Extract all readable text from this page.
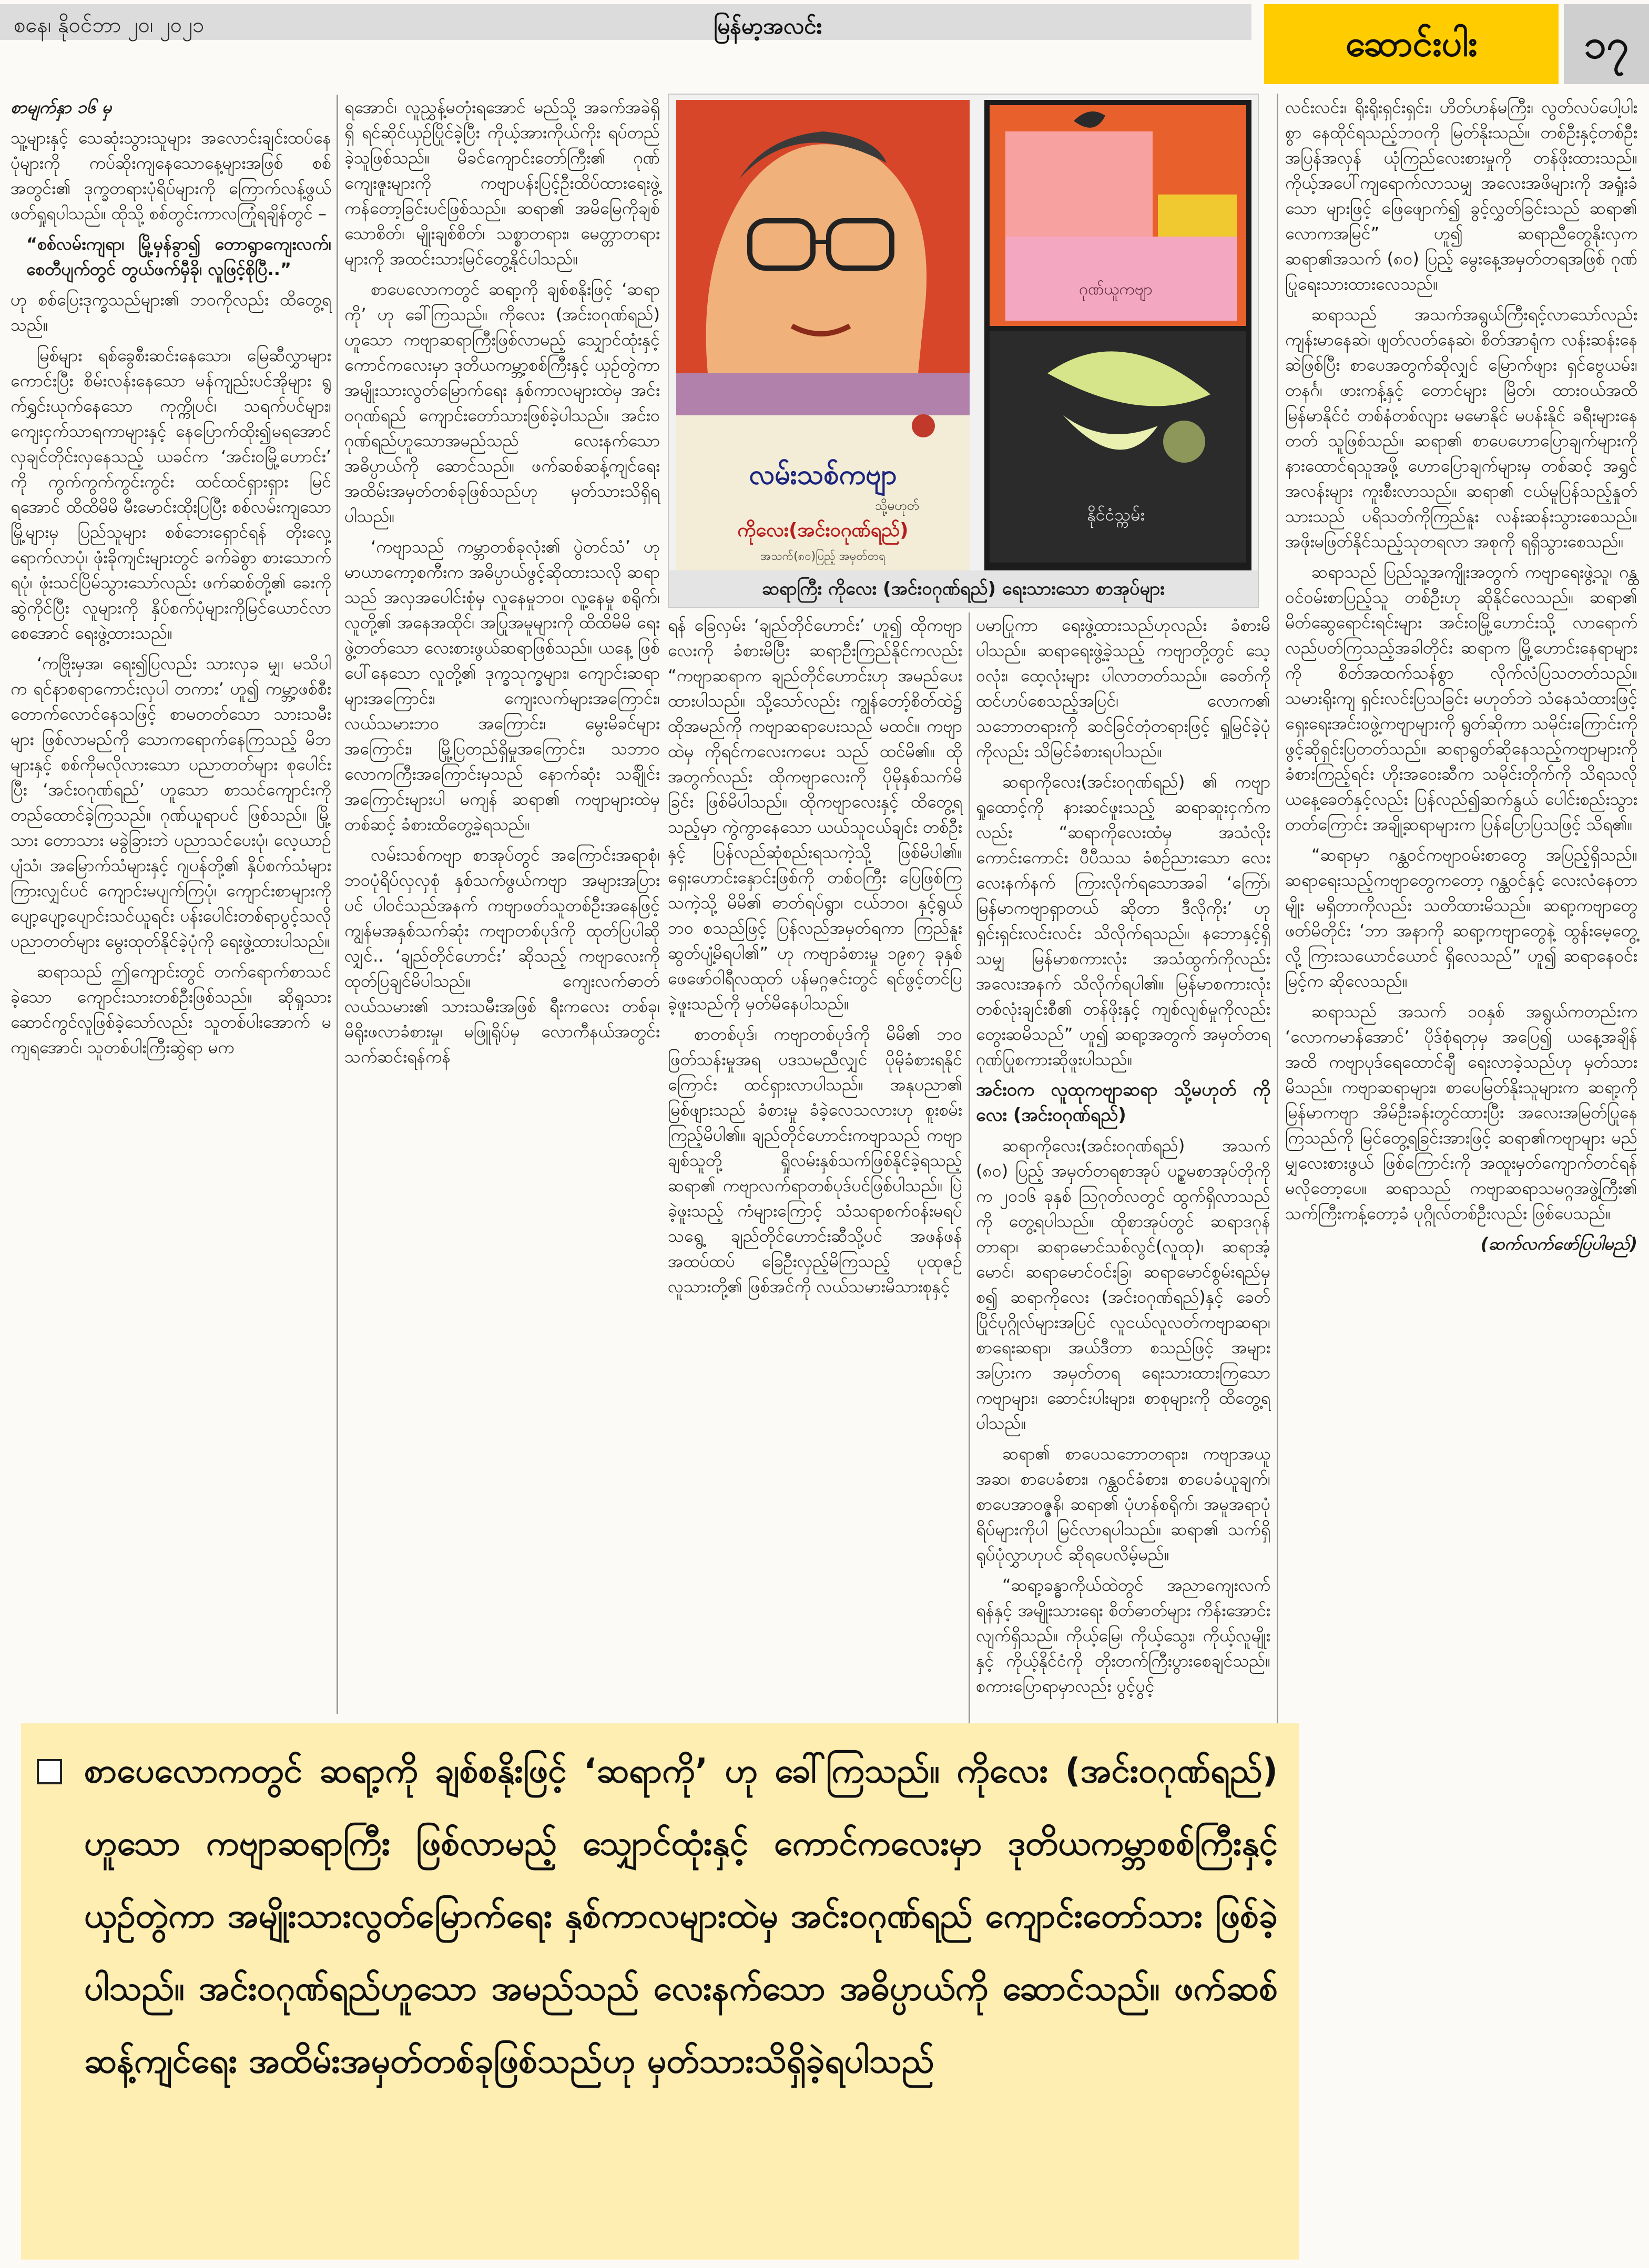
စနေ၊ နိုဝင်ဘာ ၂၀၊ ၂၀၂၁	မြန်မာ့အလင်း	ဆောင်းပါး	၁၇

စာမျက်နှာ ၁၆ မှ

သူ့များနှင့် သေဆုံးသွားသူများ အလောင်းချင်းထပ်နေပုံများကို ကပ်ဆိုးကျနေသောနေ့များအဖြစ် စစ်အတွင်း၏ ဒုက္ခတရားပုံရိပ်များကို ကြောက်လန့်ဖွယ်ဖတ်ရှုရပါသည်။ ထိုသို့ စစ်တွင်းကာလကြုံရချိန်တွင် –

“စစ်လမ်းကျရာ၊ မြို့မှန်ခွာ၍ တောရွာကျေးလက်၊ စေတီပျက်တွင် တွယ်ဖက်မှီခို၊ လူဖြင့်စိုပြီ..”

ဟု စစ်ပြေးဒုက္ခသည်များ၏ ဘဝကိုလည်း ထိတွေ့ရသည်။

မြစ်များ ရစ်ခွေစီးဆင်းနေသော၊ မြေဆီလွှာများကောင်းပြီး စိမ်းလန်းနေသော မန်ကျည်းပင်အိုများ ရွက်ရွှင်းယုက်နေသော ကုက္ကိုပင်၊ သရက်ပင်များ၊ ကျေးငှက်သာရကာများနှင့် နေပြောက်ထိုး၍မရအောင် လှချင်တိုင်းလှနေသည့် ယခင်က ‘အင်းဝမြို့ဟောင်း’ ကို ကွက်ကွက်ကွင်းကွင်း ထင်ထင်ရှားရှား မြင်ရအောင် ထိထိမိမိ မီးမောင်းထိုးပြပြီး စစ်လမ်းကျသောမြို့များမှ ပြည်သူများ စစ်ဘေးရှောင်ရန် တိုးလှေ့ရောက်လာပုံ၊ ဖုံးခိုကျင်းများတွင် ခက်ခဲစွာ စားသောက်ရပုံ၊ ဖုံးသင်ပြိမ်သွားသော်လည်း ဖက်ဆစ်တို့၏ ခေးကိုဆွဲကိုင်ပြီး လူများကို နှိပ်စက်ပုံများကိုမြင်ယောင်လာစေအောင် ရေးဖွဲ့ထားသည်။

‘ကဗြိုးမှအ၊ ရေး၍ပြလည်း သားလှခ မျှ၊ မသိပါက ရင်နာစရာကောင်းလှပါ တကား’ ဟူ၍ ကမ္ဘာ့ဖစ်စီးတောက်လောင်နေသဖြင့် စာမတတ်သော သားသမီးများ ဖြစ်လာမည်ကို သောကရောက်နေကြသည့် မိဘများနှင့် စစ်ကိုမလိုလားသော ပညာတတ်များ စုပေါင်းပြီး ‘အင်းဝဂုဏ်ရည်’ ဟူသော စာသင်ကျောင်းကို တည်ထောင်ခဲ့ကြသည်။ ဂုဏ်ယူရာပင် ဖြစ်သည်။ မြို့သား တောသား မခွဲခြားဘဲ ပညာသင်ပေးပုံ၊ လေ့ယာဉ်ပျံသံ၊ အမြောက်သံများနှင့် ဂျပန်တို့၏ နှိပ်စက်သံများကြားလျှင်ပင် ကျောင်းမပျက်ကြပုံ၊ ကျောင်းစာများကို ပျော့ပျော့ပျောင်းသင်ယူရင်း ပန်းပေါင်းတစ်ရာပွင့်သလို ပညာတတ်များ မွေးထုတ်နိုင်ခဲ့ပုံကို ရေးဖွဲ့ထားပါသည်။

ဆရာသည် ဤကျောင်းတွင် တက်ရောက်စာသင်ခဲ့သော ကျောင်းသားတစ်ဦးဖြစ်သည်။ ဆိုရှုသားဆောင်ကွင်လူဖြစ်ခဲ့သော်လည်း သူတစ်ပါးအောက် မကျရအောင်၊ သူတစ်ပါးကြီးဆွဲရာ မက

ရအောင်၊ လူညွှန့်မတုံးရအောင် မည်သို့ အခက်အခဲရှိရှိ ရင်ဆိုင်ယှဉ်ပြိုင်ခဲ့ပြီး ကိုယ့်အားကိုယ်ကိုး ရပ်တည်ခဲ့သူဖြစ်သည်။ မိခင်ကျောင်းတော်ကြီး၏ ဂုဏ်ကျေးဇူးများကို ကဗျာပန်းပြင့်ဦးထိပ်ထားရေးဖွဲ့ ကန်တော့ခြင်းပင်ဖြစ်သည်။ ဆရာ၏ အမိမြေကိုချစ်သောစိတ်၊ မျိုးချစ်စိတ်၊ သစ္စာတရား၊ မေတ္တာတရားများကို အထင်းသားမြင်တွေ့နိုင်ပါသည်။

စာပေလောကတွင် ဆရာ့ကို ချစ်စနိုးဖြင့် ‘ဆရာကို’ ဟု ခေါ်ကြသည်။ ကိုလေး (အင်းဝဂုဏ်ရည်) ဟူသော ကဗျာဆရာကြီးဖြစ်လာမည့် သျှောင်ထုံးနှင့် ကောင်ကလေးမှာ ဒုတိယကမ္ဘာ့စစ်ကြီးနှင့် ယှဉ်တွဲကာ အမျိုးသားလွတ်မြောက်ရေး နှစ်ကာလများထဲမှ အင်းဝဂုဏ်ရည် ကျောင်းတော်သားဖြစ်ခဲ့ပါသည်။ အင်းဝဂုဏ်ရည်ဟူသောအမည်သည် လေးနက်သော အဓိပ္ပာယ်ကို ဆောင်သည်။ ဖက်ဆစ်ဆန့်ကျင်ရေး အထိမ်းအမှတ်တစ်ခုဖြစ်သည်ဟု မှတ်သားသိရှိရပါသည်။

‘ကဗျာသည် ကမ္ဘာတစ်ခုလုံး၏ ပွဲတင်သံ’ ဟု မာယာကော့စကီးက အဓိပ္ပာယ်ဖွင့်ဆိုထားသလို ဆရာသည် အလှအပေါင်းစုံမှ လူနေမှုဘဝ၊ လူ့နေမှု စရိုက်၊ လူတို့၏ အနေအထိုင်၊ အပြုအမူများကို ထိထိမိမိ ရေးဖွဲ့တတ်သော လေးစားဖွယ်ဆရာဖြစ်သည်။ ယနေ့ ဖြစ်ပေါ်နေသော လူတို့၏ ဒုက္ခသုက္ခများ၊ ကျောင်းဆရာများအကြောင်း၊ ကျေးလက်များအကြောင်း၊ လယ်သမားဘဝ အကြောင်း၊ မွေးမိခင်များ အကြောင်း၊ မြို့ပြတည်ရှိမှုအကြောင်း၊ သဘာဝ လောကကြီးအကြောင်းမှသည် နောက်ဆုံး သခ်ျိုင်းအကြောင်းများပါ မကျန် ဆရာ၏ ကဗျာများထဲမှတစ်ဆင့် ခံစားထိတွေ့ခဲ့ရသည်။

လမ်းသစ်ကဗျာ စာအုပ်တွင် အကြောင်းအရာစုံ၊ ဘဝပုံရိပ်လှလှစုံ နှစ်သက်ဖွယ်ကဗျာ အများအပြားပင် ပါဝင်သည်အနက် ကဗျာဖတ်သူတစ်ဦးအနေဖြင့် ကျွန်မအနှစ်သက်ဆုံး ကဗျာတစ်ပုဒ်ကို ထုတ်ပြပါဆိုလျှင်.. ‘ချည်တိုင်ဟောင်း’ ဆိုသည့် ကဗျာလေးကို ထုတ်ပြချင်မိပါသည်။ ကျေးလက်ဓာတ် လယ်သမား၏ သားသမီးအဖြစ် ရီးကလေး တစ်ခု၊ မိရိုးဖလာခံစားမှု၊ မဖြူရိုပ်မှ လောကီနယ်အတွင်း သက်ဆင်းရန်ကန်

လမ်းသစ်ကဗျာ
သို့မဟုတ်
ကိုလေး(အင်းဝဂုဏ်ရည်)
အသက်(၈၀)ပြည့် အမှတ်တရ
ဂုဏ်ယူကဗျာ
နိုင်ငံသ္ကမ်း
ဆရာကြီး ကိုလေး (အင်းဝဂုဏ်ရည်) ရေးသားသော စာအုပ်များ

ရန် ခြေလှမ်း ‘ချည်တိုင်ဟောင်း’ ဟူ၍ ထိုကဗျာလေးကို ခံစားမိပြီး ဆရာဦးကြည်နိုင်ကလည်း “ကဗျာဆရာက ချည်တိုင်ဟောင်းဟု အမည်ပေးထားပါသည်။ သို့သော်လည်း ကျွန်တော့်စိတ်ထဲ၌ ထိုအမည်ကို ကဗျာဆရာပေးသည် မထင်။ ကဗျာထဲမှ ကိုရင်ကလေးကပေး သည် ထင်မိ၏။ ထိုအတွက်လည်း ထိုကဗျာလေးကို ပိုမိုနှစ်သက်မိခြင်း ဖြစ်မိပါသည်။ ထိုကဗျာလေးနှင့် ထိတွေ့ရ သည့်မှာ ကွဲကွာနေသော ယယ်သူငယ်ချင်း တစ်ဦးနှင့် ပြန်လည်ဆုံစည်းရသကဲ့သို့ ဖြစ်မိပါ၏။ ရှေးဟောင်းနှောင်းဖြစ်ကို တစ်ဝကြီး ပြေဖြစ်ကြသကဲ့သို့ မိမိ၏ ဓာတ်ရပ်ရွာ၊ ငယ်ဘဝ၊ နှင့်ရွယ်ဘဝ စသည်ဖြင့် ပြန်လည်အမှတ်ရကာ ကြည်နူးဆွတ်ပျံ့မိရပါ၏” ဟု ကဗျာခံစားမှု ၁၉၈၇ ခုနှစ် ဖေဖော်ဝါရီလထုတ် ပန်မဂ္ဂဇင်းတွင် ရင်ဖွင့်တင်ပြခဲ့ဖူးသည်ကို မှတ်မိနေပါသည်။

စာတစ်ပုဒ်၊ ကဗျာတစ်ပုဒ်ကို မိမိ၏ ဘဝဖြတ်သန်းမှုအရ ပဒသမညီလျှင် ပိုမိုခံစားရနိုင်ကြောင်း ထင်ရှားလာပါသည်။ အနုပညာ၏ မြစ်ဖျားသည် ခံစားမှု ခံခဲ့လေသလားဟု စူးစမ်းကြည့်မိပါ၏။ ချည်တိုင်ဟောင်းကဗျာသည် ကဗျာချစ်သူတို့ ရှိုလမ်းနှစ်သက်ဖြစ်နိုင်ခဲ့ရသည့် ဆရာ၏ ကဗျာလက်ရာတစ်ပုဒ်ပင်ဖြစ်ပါသည်။ ပြဲခဲ့ဖူးသည့် ကံများကြောင့် သံသရာစက်ဝန်းမရပ်သရွေ့ ချည်တိုင်ဟောင်းဆီသို့ပင် အဖန်ဖန် အထပ်ထပ် ခြေဦးလှည့်မိကြသည့် ပုထုဇဉ်လူသားတို့၏ ဖြစ်အင်ကို လယ်သမားမိသားစုနှင့်

ပမာပြုကာ ရေးဖွဲ့ထားသည်ဟုလည်း ခံစားမိပါသည်။ ဆရာရေးဖွဲ့ခဲ့သည့် ကဗျာတို့တွင် သေ့ဝလုံး၊ ထေ့လုံးများ ပါလာတတ်သည်။ ခေတ်ကို ထင်ဟပ်စေသည့်အပြင်၊ လောက၏ သဘောတရားကို ဆင်ခြင်တုံတရားဖြင့် ရှုမြင်ခဲ့ပုံကိုလည်း သိမြင်ခံစားရပါသည်။

ဆရာကိုလေး(အင်းဝဂုဏ်ရည်) ၏ ကဗျာရှုထောင့်ကို နားဆင်ဖူးသည့် ဆရာဆူးငှက်ကလည်း “ဆရာကိုလေးထံမှ အသံလိုးကောင်းကောင်း ပီပီသသ ခံစဉ်ညားသော လေးလေးနက်နက် ကြားလိုက်ရသောအခါ ‘ကြော်၊ မြန်မာကဗျာရှာတယ် ဆိုတာ ဒီလိုကိုး’ ဟု ရှင်းရှင်းလင်းလင်း သိလိုက်ရသည်။ နဘောနှင့်ရှိသမျှ မြန်မာစကားလုံး အသံထွက်ကိုလည်း အလေးအနက် သိလိုက်ရပါ၏။ မြန်မာစကားလုံး တစ်လုံးချင်းစီ၏ တန်ဖိုးနှင့် ကျစ်လျစ်မှုကိုလည်း တွေးဆမိသည်” ဟူ၍ ဆရာ့အတွက် အမှတ်တရ ဂုဏ်ပြုစကားဆိုဖူးပါသည်။

အင်းဝက လူထုကဗျာဆရာ သို့မဟုတ် ကိုလေး (အင်းဝဂုဏ်ရည်)

ဆရာကိုလေး(အင်းဝဂုဏ်ရည်) အသက် (၈၀) ပြည့် အမှတ်တရစာအုပ် ပဥ္စမစာအုပ်တိုကိုက ၂၀၁၆ ခုနှစ် ဩဂုတ်လတွင် ထွက်ရှိလာသည်ကို တွေ့ရပါသည်။ ထိုစာအုပ်တွင် ဆရာဒဂုန်တာရာ၊ ဆရာမောင်သစ်လွင်(လူထု)၊ ဆရာအံ့မောင်၊ ဆရာမောင်ဝင်းခြ၊ ဆရာမောင်စွမ်းရည်မှ စ၍ ဆရာကိုလေး (အင်းဝဂုဏ်ရည်)နှင့် ခေတ်ပြိုင်ပုဂ္ဂိုလ်များအပြင် လူငယ်လူလတ်ကဗျာဆရာ၊ စာရေးဆရာ၊ အယ်ဒီတာ စသည်ဖြင့် အများအပြားက အမှတ်တရ ရေးသားထားကြသော ကဗျာများ၊ ဆောင်းပါးများ၊ စာစုများကို ထိတွေ့ရပါသည်။

ဆရာ၏ စာပေသဘောတရား၊ ကဗျာအယူအဆ၊ စာပေခံစား၊ ဂန္ထဝင်ခံစား၊ စာပေခံယူချက်၊ စာပေအာဝဇ္ဇနိ၊ ဆရာ၏ ပုံဟန်စရိုက်၊ အမူအရာပုံရိပ်များကိုပါ မြင်လာရပါသည်။ ဆရာ၏ သက်ရှိရုပ်ပုံလွှာဟုပင် ဆိုရပေလိမ့်မည်။

“ဆရာ့ခန္ဓာကိုယ်ထဲတွင် အညာကျေးလက်ရန်နှင့် အမျိုးသားရေး စိတ်ဓာတ်များ ကိန်းအောင်းလျက်ရှိသည်။ ကိုယ့်မြေ၊ ကိုယ့်သွေး၊ ကိုယ့်လူမျိုးနှင့် ကိုယ့်နိုင်ငံကို တိုးတက်ကြီးပွားစေချင်သည်။ စကားပြောရာမှာလည်း ပွင့်ပွင့်

လင်းလင်း၊ ရိုးရိုးရှင်းရှင်း၊ ဟိတ်ဟန်မကြီး၊ လွတ်လပ်ပေါ့ပါးစွာ နေထိုင်ရသည့်ဘဝကို မြတ်နိုးသည်။ တစ်ဦးနှင့်တစ်ဦး အပြန်အလှန် ယုံကြည်လေးစားမှုကို တန်ဖိုးထားသည်။ ကိုယ့်အပေါ်ကျရောက်လာသမျှ အလေးအဖိများကို အရှုံးခံသော များဖြင့် ဖြေဖျောက်၍ ခွင့်လွှတ်ခြင်းသည် ဆရာ၏ လောကအမြင်” ဟူ၍ ဆရာညီတွေနိုးလှက ဆရာ၏အသက် (၈၀) ပြည့် မွေးနေ့အမှတ်တရအဖြစ် ဂုဏ်ပြုရေးသားထားလေသည်။

ဆရာသည် အသက်အရွယ်ကြီးရင့်လာသော်လည်း ကျန်းမာနေဆဲ၊ ဖျတ်လတ်နေဆဲ၊ စိတ်အာရုံက လန်းဆန်းနေဆဲဖြစ်ပြီး စာပေအတွက်ဆိုလျှင် မြောက်ဖျား ရှင်ဗွေယမ်း၊ တနင်္ဂ၊ ဖားကန့်နှင့် တောင်များ မြိတ်၊ ထားဝယ်အထိ မြန်မာနိုင်ငံ တစ်နံတစ်လျား မမောနိုင် မပန်းနိုင် ခရီးများနေတတ် သူဖြစ်သည်။ ဆရာ၏ စာပေဟောပြောချက်များကို နားထောင်ရသူအဖို့ ဟောပြောချက်များမှ တစ်ဆင့် အရွှင်အလန်းများ ကူးစီးလာသည်။ ဆရာ၏ ငယ်မူပြန်သည့်နှုတ်သားသည် ပရိသတ်ကိုကြည်နူး လန်းဆန်းသွားစေသည်။ အဖိုးမဖြတ်နိုင်သည့်သုတရလာ အစုကို ရရှိသွားစေသည်။

ဆရာသည် ပြည်သူ့အကျိုးအတွက် ကဗျာရေးဖွဲ့သူ၊ ဂန္ထဝင်ဝမ်းစာပြည့်သူ တစ်ဦးဟု ဆိုနိုင်လေသည်။ ဆရာ၏ မိတ်ဆွေရောင်းရင်းများ အင်းဝမြို့ဟောင်းသို့ လာရောက်လည်ပတ်ကြသည့်အခါတိုင်း ဆရာက မြို့ဟောင်းနေရာများကို စိတ်အထက်သန်စွာ လိုက်လံပြသတတ်သည်။ သမားရိုးကျ ရှင်းလင်းပြသခြင်း မဟုတ်ဘဲ သံနေသံထားဖြင့် ရှေးရေးအင်းဝဖွဲ့ကဗျာများကို ရွတ်ဆိုကာ သမိုင်းကြောင်းကို ဖွင့်ဆိုရှင်းပြတတ်သည်။ ဆရာရွတ်ဆိုနေသည့်ကဗျာများကို ခံစားကြည့်ရင်း ဟိုးအဝေးဆီက သမိုင်းတိုက်ကို သိရသလို ယနေ့ခေတ်နှင့်လည်း ပြန်လည်၍ဆက်နွယ် ပေါင်းစည်းသွားတတ်ကြောင်း အချို့ဆရာများက ပြန်ပြောပြသဖြင့် သိရ၏။

“ဆရာမှာ ဂန္ထဝင်ကဗျာဝမ်းစာတွေ အပြည့်ရှိသည်။ ဆရာရေးသည့်ကဗျာတွေကတော့ ဂန္ထဝင်နှင့် လေးလံနေတာမျိုး မရှိတာကိုလည်း သတိထားမိသည်။ ဆရာ့ကဗျာတွေ ဖတ်မိတိုင်း ‘ဘာ အနာကို ဆရာ့ကဗျာတွေနဲ့ ထွန်းမေ့တွေ့လို့ ကြားသယောင်ယောင် ရှိလေသည်” ဟူ၍ ဆရာနေဝင်းမြင့်က ဆိုလေသည်။

ဆရာသည် အသက် ၁၀နှစ် အရွယ်ကတည်းက ‘လောကမာန်အောင်’ ပိုဒ်စုံရတုမှ အပြေ၍ ယနေ့အချိန်အထိ ကဗျာပုဒ်ရေထောင်ချီ ရေးလာခဲ့သည်ဟု မှတ်သားမိသည်။ ကဗျာဆရာများ၊ စာပေမြတ်နိုးသူများက ဆရာ့ကို မြန်မာကဗျာ အိမ်ဦးခန်းတွင်ထားပြီး အလေးအမြတ်ပြုနေကြသည်ကို မြင်တွေ့ရခြင်းအားဖြင့် ဆရာ၏ကဗျာများ မည်မျှလေးစားဖွယ် ဖြစ်ကြောင်းကို အထူးမှတ်ကျောက်တင်ရန် မလိုတော့ပေ။ ဆရာသည် ကဗျာဆရာသမဂ္ဂအဖွဲ့ကြီး၏ သက်ကြီးကန့်တော့ခံ ပုဂ္ဂိုလ်တစ်ဦးလည်း ဖြစ်ပေသည်။

(ဆက်လက်ဖော်ပြပါမည်)

စာပေလောကတွင် ဆရာ့ကို ချစ်စနိုးဖြင့် ‘ဆရာကို’ ဟု ခေါ်ကြသည်။ ကိုလေး (အင်းဝဂုဏ်ရည်) ဟူသော ကဗျာဆရာကြီး ဖြစ်လာမည့် သျှောင်ထုံးနှင့် ကောင်ကလေးမှာ ဒုတိယကမ္ဘာစစ်ကြီးနှင့် ယှဉ်တွဲကာ အမျိုးသားလွတ်မြောက်ရေး နှစ်ကာလများထဲမှ အင်းဝဂုဏ်ရည် ကျောင်းတော်သား ဖြစ်ခဲ့ပါသည်။ အင်းဝဂုဏ်ရည်ဟူသော အမည်သည် လေးနက်သော အဓိပ္ပာယ်ကို ဆောင်သည်။ ဖက်ဆစ်ဆန့်ကျင်ရေး အထိမ်းအမှတ်တစ်ခုဖြစ်သည်ဟု မှတ်သားသိရှိခဲ့ရပါသည်
